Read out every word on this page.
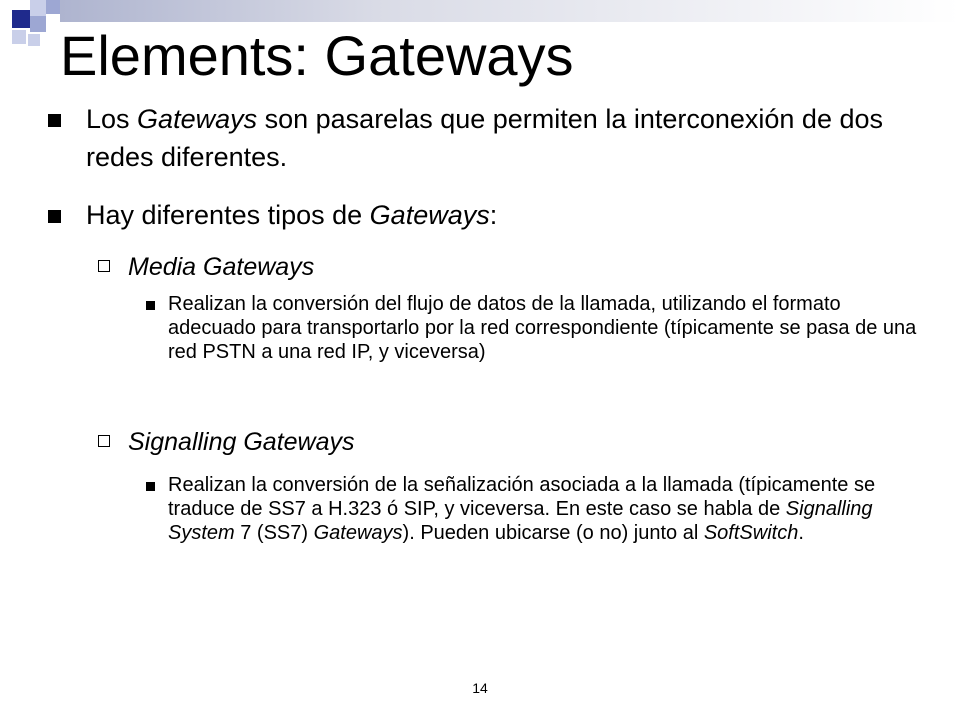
Elements: Gateways
Los Gateways son pasarelas que permiten la interconexión de dos redes diferentes.
Hay diferentes tipos de Gateways:
Media Gateways
Realizan la conversión del flujo de datos de la llamada, utilizando el formato adecuado para transportarlo por la red correspondiente (típicamente se pasa de una red PSTN a una red IP, y viceversa)
Signalling Gateways
Realizan la conversión de la señalización asociada a la llamada (típicamente se traduce de SS7 a H.323 ó SIP, y viceversa. En este caso se habla de Signalling System 7 (SS7) Gateways). Pueden ubicarse (o no) junto al SoftSwitch.
14
